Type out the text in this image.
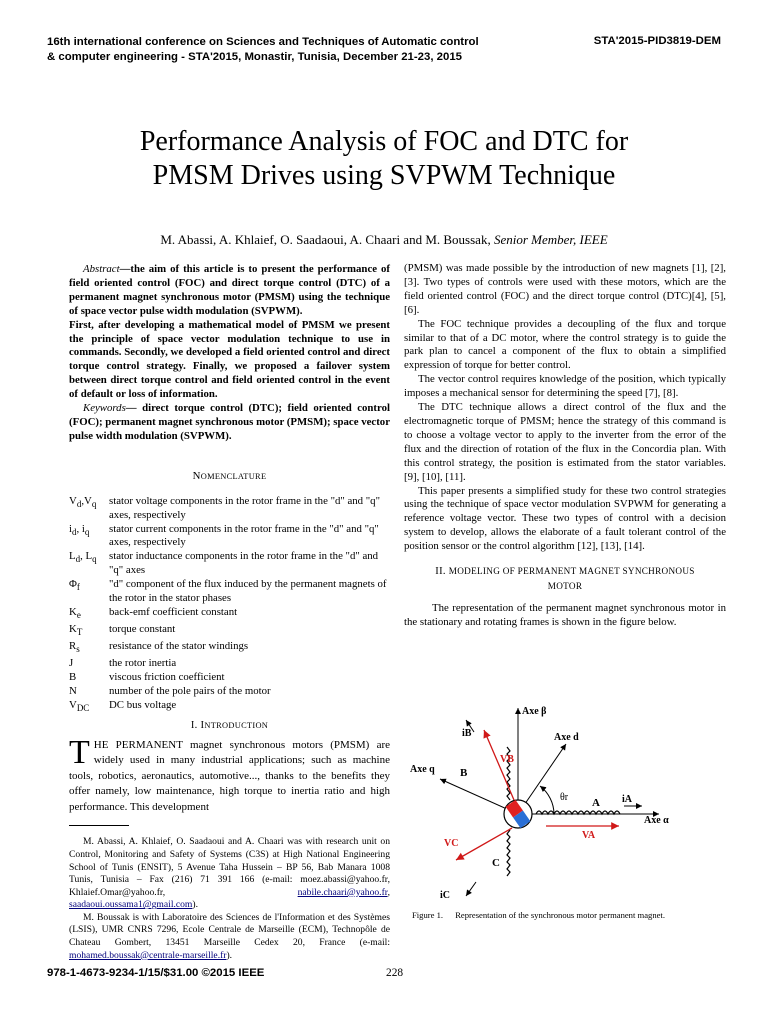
16th international conference on Sciences and Techniques of Automatic control
& computer engineering - STA'2015, Monastir, Tunisia, December 21-23, 2015
STA'2015-PID3819-DEM
Performance Analysis of FOC and DTC for
PMSM Drives using SVPWM Technique
M. Abassi, A. Khlaief, O. Saadaoui, A. Chaari and M. Boussak, Senior Member, IEEE

Abstract—the aim of this article is to present the performance of field oriented control (FOC) and direct torque control (DTC) of a permanent magnet synchronous motor (PMSM) using the technique of space vector pulse width modulation (SVPWM).

First, after developing a mathematical model of PMSM we present the principle of space vector modulation technique to use in commands. Secondly, we developed a field oriented control and direct torque control strategy. Finally, we proposed a failover system between direct torque control and field oriented control in the event of default or loss of information.

Keywords— direct torque control (DTC); field oriented control (FOC); permanent magnet synchronous motor (PMSM); space vector pulse width modulation (SVPWM).

NOMENCLATURE

$V_d,V_q$	stator voltage components in the rotor frame in the "d" and "q" axes, respectively
$i_d$, $i_q$	stator current components in the rotor frame in the "d" and "q" axes, respectively
$L_d$, $L_q$	stator inductance components in the rotor frame in the "d" and "q" axes
$\Phi_f$	"d" component of the flux induced by the permanent magnets of the rotor in the stator phases
$K_e$	back-emf coefficient constant
$K_T$	torque constant
$R_s$	resistance of the stator windings
J	the rotor inertia
B	viscous friction coefficient
N	number of the pole pairs of the motor
$V_{DC}$	DC bus voltage

I. INTRODUCTION

THE PERMANENT magnet synchronous motors (PMSM) are widely used in many industrial applications; such as machine tools, robotics, aeronautics, automotive..., thanks to the benefits they offer namely, low maintenance, high torque to inertia ratio and high performance. This development

M. Abassi, A. Khlaief, O. Saadaoui and A. Chaari was with research unit on Control, Monitoring and Safety of Systems (C3S) at High National Engineering School of Tunis (ENSIT), 5 Avenue Taha Hussein – BP 56, Bab Manara 1008 Tunis, Tunisia – Fax (216) 71 391 166 (e-mail: moez.abassi@yahoo.fr, Khlaief.Omar@yahoo.fr, nabile.chaari@yahoo.fr, saadaoui.oussama1@gmail.com).

M. Boussak is with Laboratoire des Sciences de l'Information et des Systèmes (LSIS), UMR CNRS 7296, Ecole Centrale de Marseille (ECM), Technopôle de Chateau Gombert, 13451 Marseille Cedex 20, France (e-mail: mohamed.boussak@centrale-marseille.fr).

(PMSM) was made possible by the introduction of new magnets [1], [2], [3]. Two types of controls were used with these motors, which are the field oriented control (FOC) and the direct torque control (DTC)[4], [5], [6].

The FOC technique provides a decoupling of the flux and torque similar to that of a DC motor, where the control strategy is to guide the park plan to cancel a component of the flux to obtain a simplified expression of torque for better control.

The vector control requires knowledge of the position, which typically imposes a mechanical sensor for determining the speed [7], [8].

The DTC technique allows a direct control of the flux and the electromagnetic torque of PMSM; hence the strategy of this command is to choose a voltage vector to apply to the inverter from the error of the flux and the direction of rotation of the flux in the Concordia plan. With this control strategy, the position is estimated from the stator variables. [9], [10], [11].

This paper presents a simplified study for these two control strategies using the technique of space vector modulation SVPWM for generating a reference voltage vector. These two types of control with a decision system to develop, allows the elaborate of a fault tolerant control of the position sensor or the control algorithm [12], [13], [14].

II. MODELING OF PERMANENT MAGNET SYNCHRONOUS
MOTOR

The representation of the permanent magnet synchronous motor in the stationary and rotating frames is shown in the figure below.

Axe β
Axe d
Axe q
Axe α
θr A
B
C
iA
iB
iC
VA
VB
VC
Figure 1. Representation of the synchronous motor permanent magnet.
978-1-4673-9234-1/15/$31.00 ©2015 IEEE	228
